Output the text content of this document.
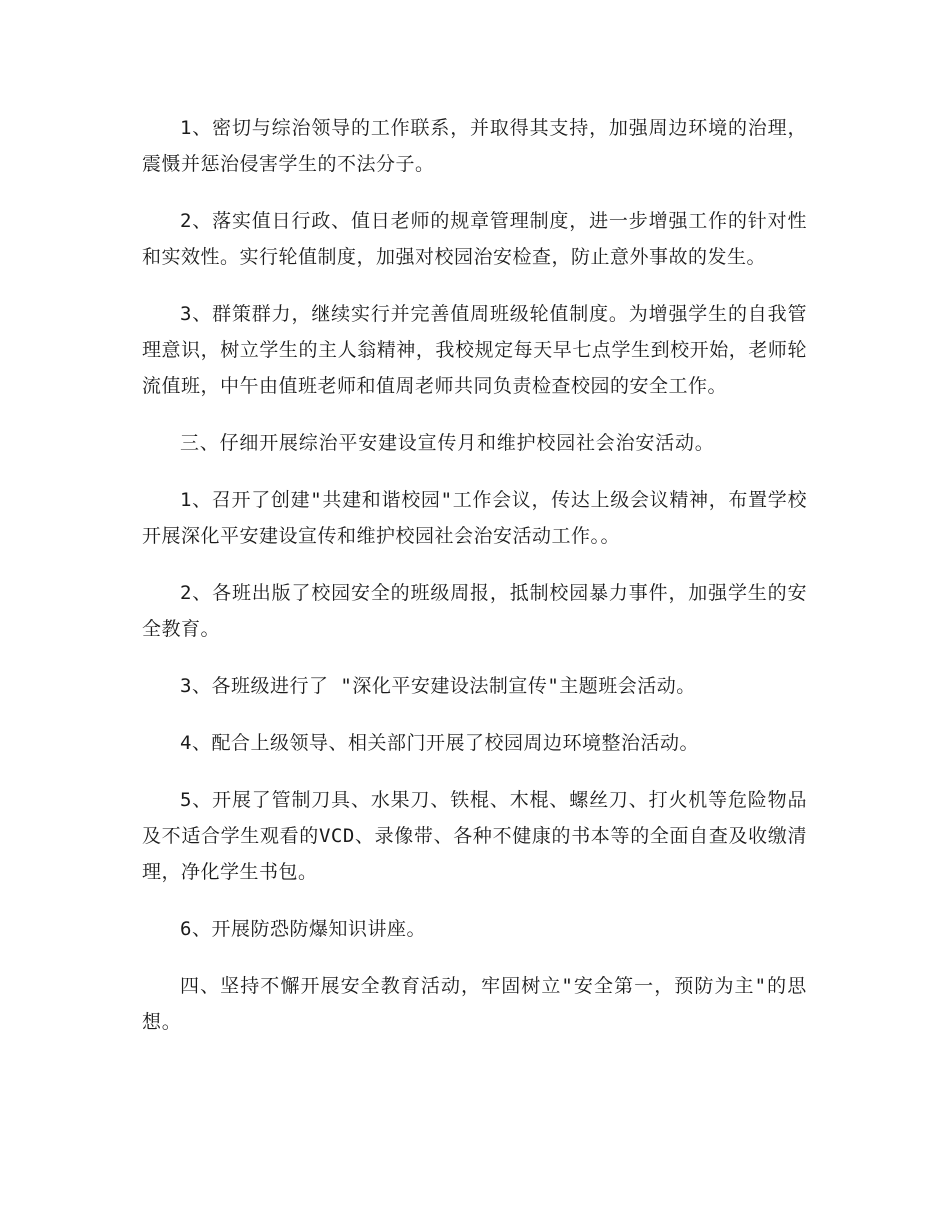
1、密切与综治领导的工作联系，并取得其支持，加强周边环境的治理，震慑并惩治侵害学生的不法分子。

2、落实值日行政、值日老师的规章管理制度，进一步增强工作的针对性和实效性。实行轮值制度，加强对校园治安检查，防止意外事故的发生。

3、群策群力，继续实行并完善值周班级轮值制度。为增强学生的自我管理意识，树立学生的主人翁精神，我校规定每天早七点学生到校开始，老师轮流值班，中午由值班老师和值周老师共同负责检查校园的安全工作。

三、仔细开展综治平安建设宣传月和维护校园社会治安活动。

1、召开了创建"共建和谐校园"工作会议，传达上级会议精神，布置学校开展深化平安建设宣传和维护校园社会治安活动工作。。

2、各班出版了校园安全的班级周报，抵制校园暴力事件，加强学生的安全教育。

3、各班级进行了 "深化平安建设法制宣传"主题班会活动。

4、配合上级领导、相关部门开展了校园周边环境整治活动。

5、开展了管制刀具、水果刀、铁棍、木棍、螺丝刀、打火机等危险物品及不适合学生观看的VCD、录像带、各种不健康的书本等的全面自查及收缴清理，净化学生书包。

6、开展防恐防爆知识讲座。

四、坚持不懈开展安全教育活动，牢固树立"安全第一，预防为主"的思想。
